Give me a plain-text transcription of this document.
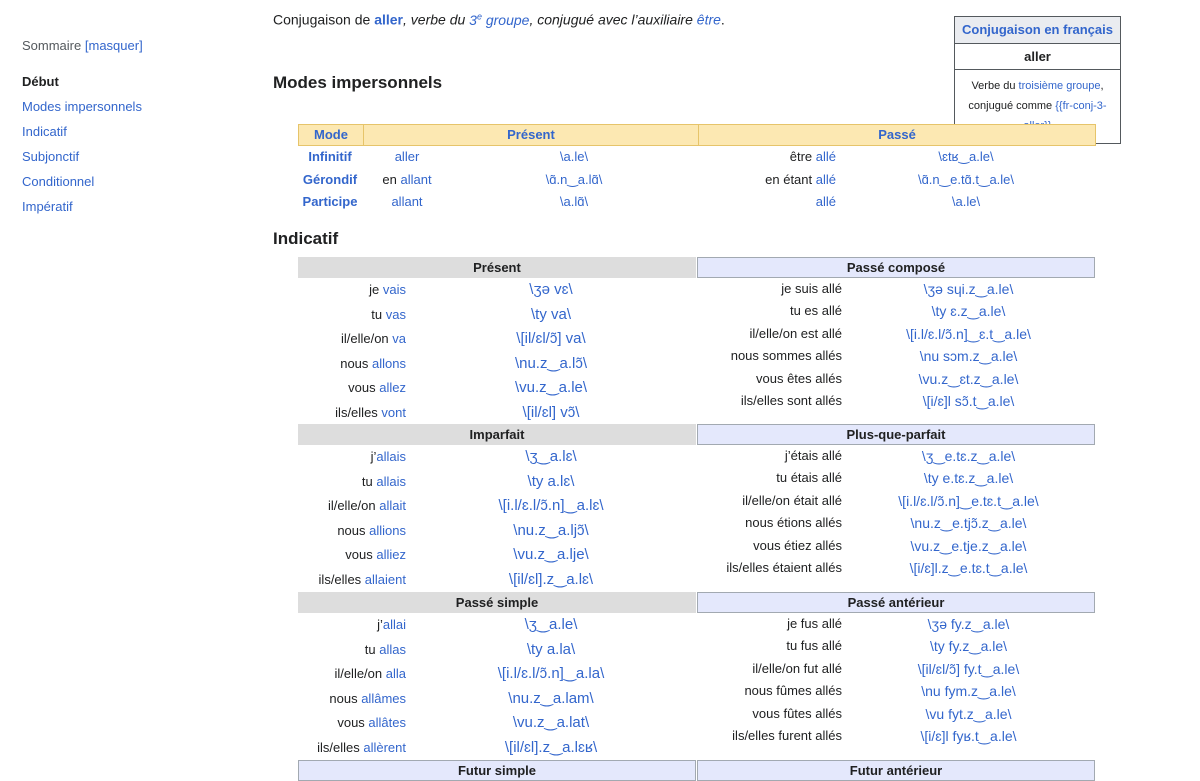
Sommaire [masquer]
Début
Modes impersonnels
Indicatif
Subjonctif
Conditionnel
Impératif
Conjugaison de aller, verbe du 3e groupe, conjugué avec l’auxiliaire être.
Conjugaison en français
aller
Verbe du troisième groupe,
conjugué comme {{fr-conj-3-
Modes impersonnels
Mode	Présent	Passé
Infinitif	aller	\a.le\	être allé	\ɛtʁ‿a.le\
Gérondif	en allant	\ɑ̃.n‿a.lɑ̃\	en étant allé	\ɑ̃.n‿e.tɑ̃.t‿a.le\
Participe	allant	\a.lɑ̃\	allé	\a.le\
Indicatif
Présent
je vais	\ʒə vɛ\
tu vas	\ty va\
il/elle/on va	\[il/ɛl/ɔ̃] va\
nous allons	\nu.z‿a.lɔ̃\
vous allez	\vu.z‿a.le\
ils/elles vont	\[il/ɛl] vɔ̃\
Passé composé
je suis allé	\ʒə sɥi.z‿a.le\
tu es allé	\ty ɛ.z‿a.le\
il/elle/on est allé	\[i.l/ɛ.l/ɔ̃.n]‿ɛ.t‿a.le\
nous sommes allés	\nu sɔm.z‿a.le\
vous êtes allés	\vu.z‿ɛt.z‿a.le\
ils/elles sont allés	\[i/ɛ]l sɔ̃.t‿a.le\
Imparfait
j’allais	\ʒ‿a.lɛ\
tu allais	\ty a.lɛ\
il/elle/on allait	\[i.l/ɛ.l/ɔ̃.n]‿a.lɛ\
nous allions	\nu.z‿a.ljɔ̃\
vous alliez	\vu.z‿a.lje\
ils/elles allaient	\[il/ɛl].z‿a.lɛ\
Plus-que-parfait
j’étais allé	\ʒ‿e.tɛ.z‿a.le\
tu étais allé	\ty e.tɛ.z‿a.le\
il/elle/on était allé	\[i.l/ɛ.l/ɔ̃.n]‿e.tɛ.t‿a.le\
nous étions allés	\nu.z‿e.tjɔ̃.z‿a.le\
vous étiez allés	\vu.z‿e.tje.z‿a.le\
ils/elles étaient allés	\[i/ɛ]l.z‿e.tɛ.t‿a.le\
Passé simple
j’allai	\ʒ‿a.le\
tu allas	\ty a.la\
il/elle/on alla	\[i.l/ɛ.l/ɔ̃.n]‿a.la\
nous allâmes	\nu.z‿a.lam\
vous allâtes	\vu.z‿a.lat\
ils/elles allèrent	\[il/ɛl].z‿a.lɛʁ\
Passé antérieur
je fus allé	\ʒə fy.z‿a.le\
tu fus allé	\ty fy.z‿a.le\
il/elle/on fut allé	\[il/ɛl/ɔ̃] fy.t‿a.le\
nous fûmes allés	\nu fym.z‿a.le\
vous fûtes allés	\vu fyt.z‿a.le\
ils/elles furent allés	\[i/ɛ]l fyʁ.t‿a.le\
Futur simple	Futur antérieur
